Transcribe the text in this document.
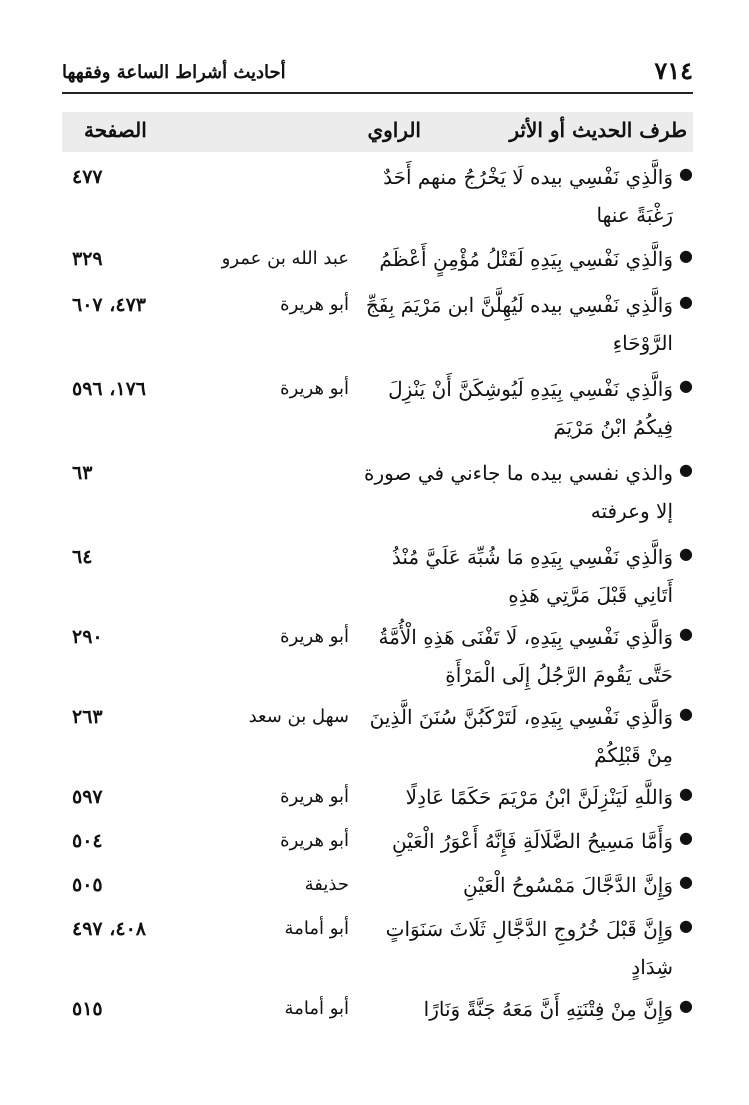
٧١٤
أحاديث أشراط الساعة وفقهها
طرف الحديث أو الأثر
الراوي
الصفحة
●
وَالَّذِي نَفْسِي بيده لَا يَخْرُجُ منهم أَحَدٌ رَغْبَةً عنها
٤٧٧
●
وَالَّذِي نَفْسِي بِيَدِهِ لَقَتْلُ مُؤْمِنٍ أَعْظَمُ
عبد الله بن عمرو
٣٢٩
●
وَالَّذِي نَفْسِي بيده لَيُهِلَّنَّ ابن مَرْيَمَ بِفَجِّ الرَّوْحَاءِ
أبو هريرة
٤٧٣، ٦٠٧
●
وَالَّذِي نَفْسِي بِيَدِهِ لَيُوشِكَنَّ أَنْ يَنْزِلَ فِيكُمُ ابْنُ مَرْيَمَ
أبو هريرة
١٧٦، ٥٩٦
●
والذي نفسي بيده ما جاءني في صورة إلا وعرفته
٦٣
●
وَالَّذِي نَفْسِي بِيَدِهِ مَا شُبِّهَ عَلَيَّ مُنْذُ أَتَانِي قَبْلَ مَرَّتِي هَذِهِ
٦٤
●
وَالَّذِي نَفْسِي بِيَدِهِ، لَا تَفْنَى هَذِهِ الْأُمَّةُ حَتَّى يَقُومَ الرَّجُلُ إِلَى الْمَرْأَةِ
أبو هريرة
٢٩٠
●
وَالَّذِي نَفْسِي بِيَدِهِ، لَتَرْكَبُنَّ سُنَنَ الَّذِينَ مِنْ قَبْلِكُمْ
سهل بن سعد
٢٦٣
●
وَاللَّهِ لَيَنْزِلَنَّ ابْنُ مَرْيَمَ حَكَمًا عَادِلًا
أبو هريرة
٥٩٧
●
وَأَمَّا مَسِيحُ الضَّلَالَةِ فَإِنَّهُ أَعْوَرُ الْعَيْنِ
أبو هريرة
٥٠٤
●
وَإِنَّ الدَّجَّالَ مَمْسُوحُ الْعَيْنِ
حذيفة
٥٠٥
●
وَإِنَّ قَبْلَ خُرُوجِ الدَّجَّالِ ثَلَاثَ سَنَوَاتٍ شِدَادٍ
أبو أمامة
٤٠٨، ٤٩٧
●
وَإِنَّ مِنْ فِتْنَتِهِ أَنَّ مَعَهُ جَنَّةً وَنَارًا
أبو أمامة
٥١٥
